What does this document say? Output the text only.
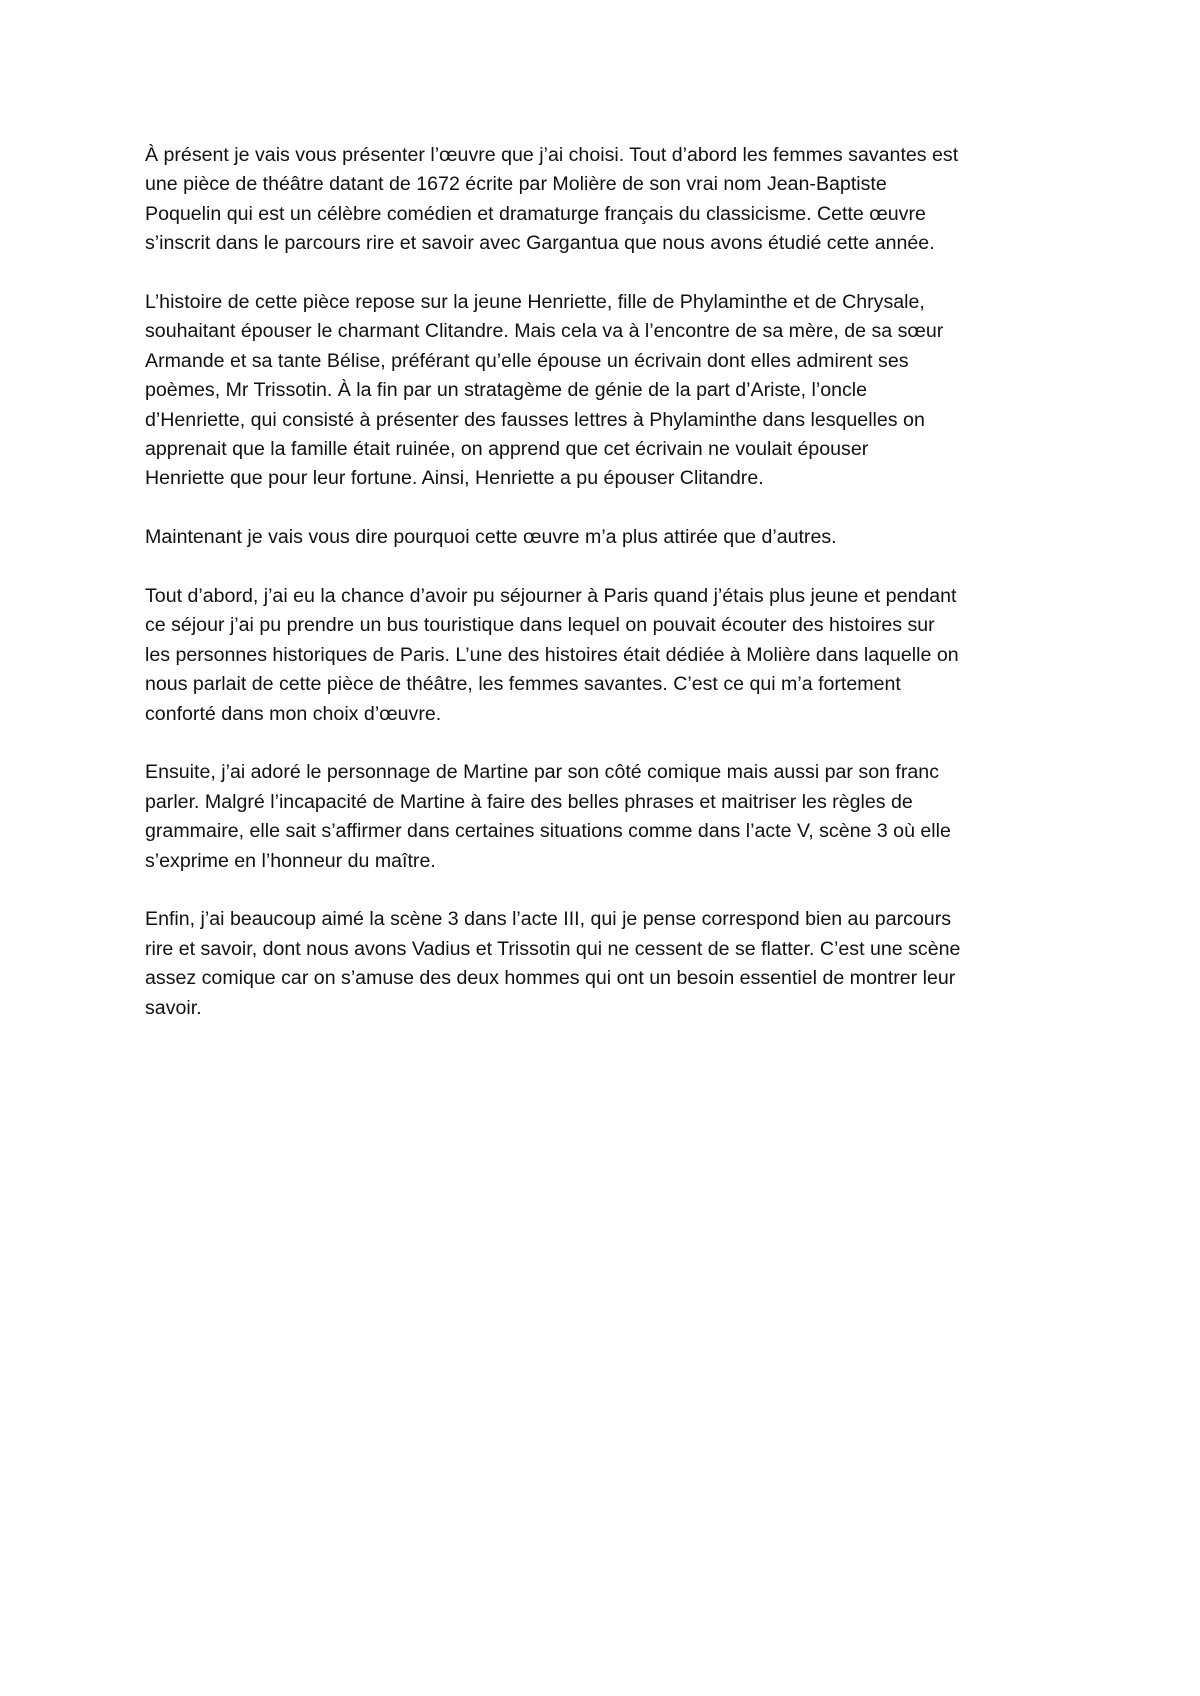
À présent je vais vous présenter l’œuvre que j’ai choisi. Tout d’abord les femmes savantes est
une pièce de théâtre datant de 1672 écrite par Molière de son vrai nom Jean-Baptiste
Poquelin qui est un célèbre comédien et dramaturge français du classicisme. Cette œuvre
s’inscrit dans le parcours rire et savoir avec Gargantua que nous avons étudié cette année.

L’histoire de cette pièce repose sur la jeune Henriette, fille de Phylaminthe et de Chrysale,
souhaitant épouser le charmant Clitandre. Mais cela va à l’encontre de sa mère, de sa sœur
Armande et sa tante Bélise, préférant qu’elle épouse un écrivain dont elles admirent ses
poèmes, Mr Trissotin. À la fin par un stratagème de génie de la part d’Ariste, l’oncle
d’Henriette, qui consisté à présenter des fausses lettres à Phylaminthe dans lesquelles on
apprenait que la famille était ruinée, on apprend que cet écrivain ne voulait épouser
Henriette que pour leur fortune. Ainsi, Henriette a pu épouser Clitandre.

Maintenant je vais vous dire pourquoi cette œuvre m’a plus attirée que d’autres.

Tout d’abord, j’ai eu la chance d’avoir pu séjourner à Paris quand j’étais plus jeune et pendant
ce séjour j’ai pu prendre un bus touristique dans lequel on pouvait écouter des histoires sur
les personnes historiques de Paris. L’une des histoires était dédiée à Molière dans laquelle on
nous parlait de cette pièce de théâtre, les femmes savantes. C’est ce qui m’a fortement
conforté dans mon choix d’œuvre.

Ensuite, j’ai adoré le personnage de Martine par son côté comique mais aussi par son franc
parler. Malgré l’incapacité de Martine à faire des belles phrases et maitriser les règles de
grammaire, elle sait s’affirmer dans certaines situations comme dans l’acte V, scène 3 où elle
s’exprime en l’honneur du maître.

Enfin, j’ai beaucoup aimé la scène 3 dans l’acte III, qui je pense correspond bien au parcours
rire et savoir, dont nous avons Vadius et Trissotin qui ne cessent de se flatter. C’est une scène
assez comique car on s’amuse des deux hommes qui ont un besoin essentiel de montrer leur
savoir.
